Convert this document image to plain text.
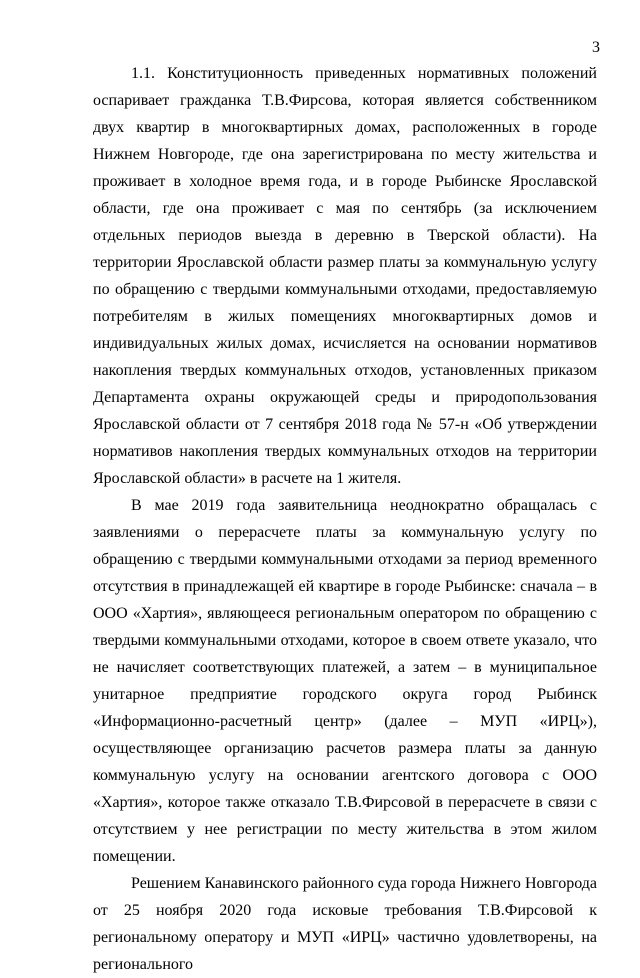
3

1.1. Конституционность приведенных нормативных положений оспаривает гражданка Т.В.Фирсова, которая является собственником двух квартир в многоквартирных домах, расположенных в городе Нижнем Новгороде, где она зарегистрирована по месту жительства и проживает в холодное время года, и в городе Рыбинске Ярославской области, где она проживает с мая по сентябрь (за исключением отдельных периодов выезда в деревню в Тверской области). На территории Ярославской области размер платы за коммунальную услугу по обращению с твердыми коммунальными отходами, предоставляемую потребителям в жилых помещениях многоквартирных домов и индивидуальных жилых домах, исчисляется на основании нормативов накопления твердых коммунальных отходов, установленных приказом Департамента охраны окружающей среды и природопользования Ярославской области от 7 сентября 2018 года № 57-н «Об утверждении нормативов накопления твердых коммунальных отходов на территории Ярославской области» в расчете на 1 жителя.

В мае 2019 года заявительница неоднократно обращалась с заявлениями о перерасчете платы за коммунальную услугу по обращению с твердыми коммунальными отходами за период временного отсутствия в принадлежащей ей квартире в городе Рыбинске: сначала – в ООО «Хартия», являющееся региональным оператором по обращению с твердыми коммунальными отходами, которое в своем ответе указало, что не начисляет соответствующих платежей, а затем – в муниципальное унитарное предприятие городского округа город Рыбинск «Информационно-расчетный центр» (далее – МУП «ИРЦ»), осуществляющее организацию расчетов размера платы за данную коммунальную услугу на основании агентского договора с ООО «Хартия», которое также отказало Т.В.Фирсовой в перерасчете в связи с отсутствием у нее регистрации по месту жительства в этом жилом помещении.

Решением Канавинского районного суда города Нижнего Новгорода от 25 ноября 2020 года исковые требования Т.В.Фирсовой к региональному оператору и МУП «ИРЦ» частично удовлетворены, на регионального
